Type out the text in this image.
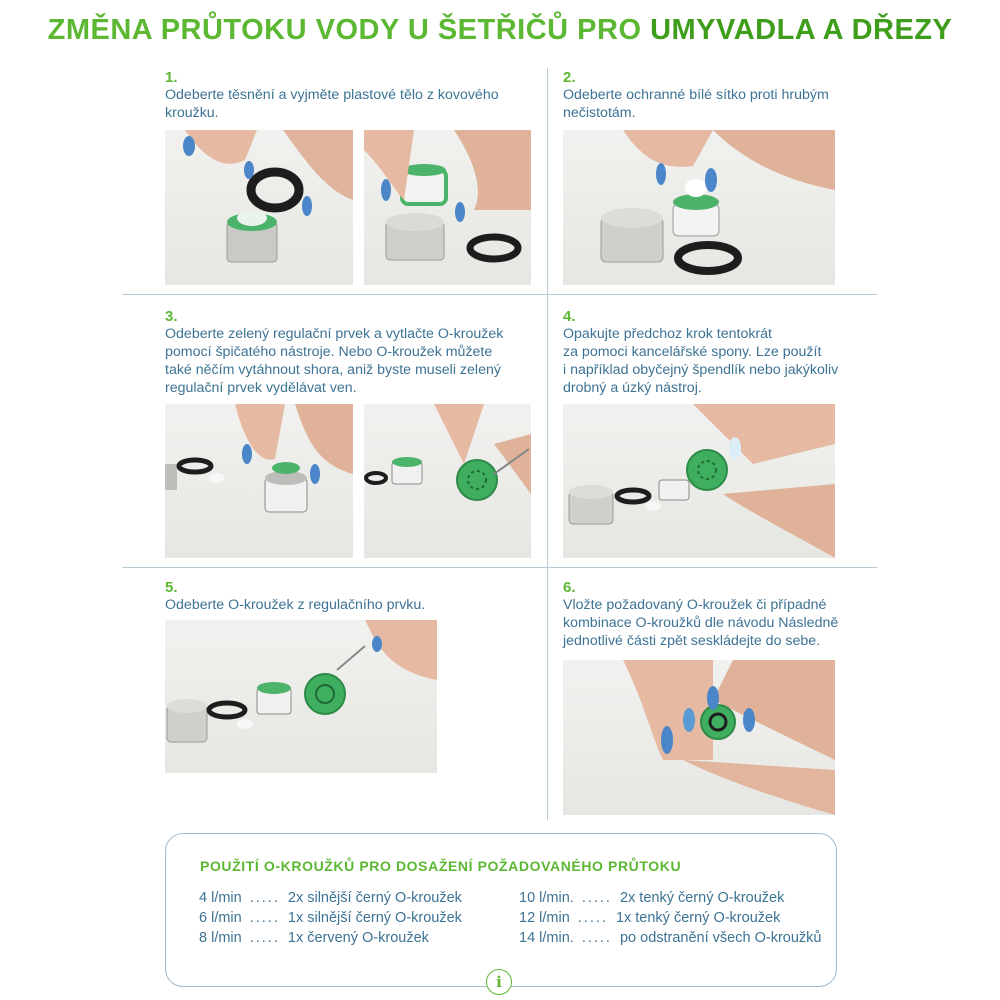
ZMĚNA PRŮTOKU VODY U ŠETŘIČŮ PRO UMYVADLA A DŘEZY
1.
Odeberte těsnění a vyjměte plastové tělo z kovového
kroužku.
2.
Odeberte ochranné bílé sítko proti hrubým
nečistotám.
3.
Odeberte zelený regulační prvek a vytlačte O-kroužek
pomocí špičatého nástroje. Nebo O-kroužek můžete
také něčím vytáhnout shora, aniž byste museli zelený
regulační prvek vydělávat ven.
4.
Opakujte předchoz krok tentokrát
za pomoci kancelářské spony. Lze použít
i například obyčejný špendlík nebo jakýkoliv
drobný a úzký nástroj.
5.
Odeberte O-kroužek z regulačního prvku.
6.
Vložte požadovaný O-kroužek či případné
kombinace O-kroužků dle návodu Následně
jednotlivé části zpět seskládejte do sebe.
POUŽITÍ O-KROUŽKŮ PRO DOSAŽENÍ POŽADOVANÉHO PRŮTOKU
4 l/min ..... 2x silnější černý O-kroužek
6 l/min ..... 1x silnější černý O-kroužek
8 l/min ..... 1x červený O-kroužek
10 l/min. ..... 2x tenký černý O-kroužek
12 l/min ..... 1x tenký černý O-kroužek
14 l/min. ..... po odstranění všech O-kroužků
i
